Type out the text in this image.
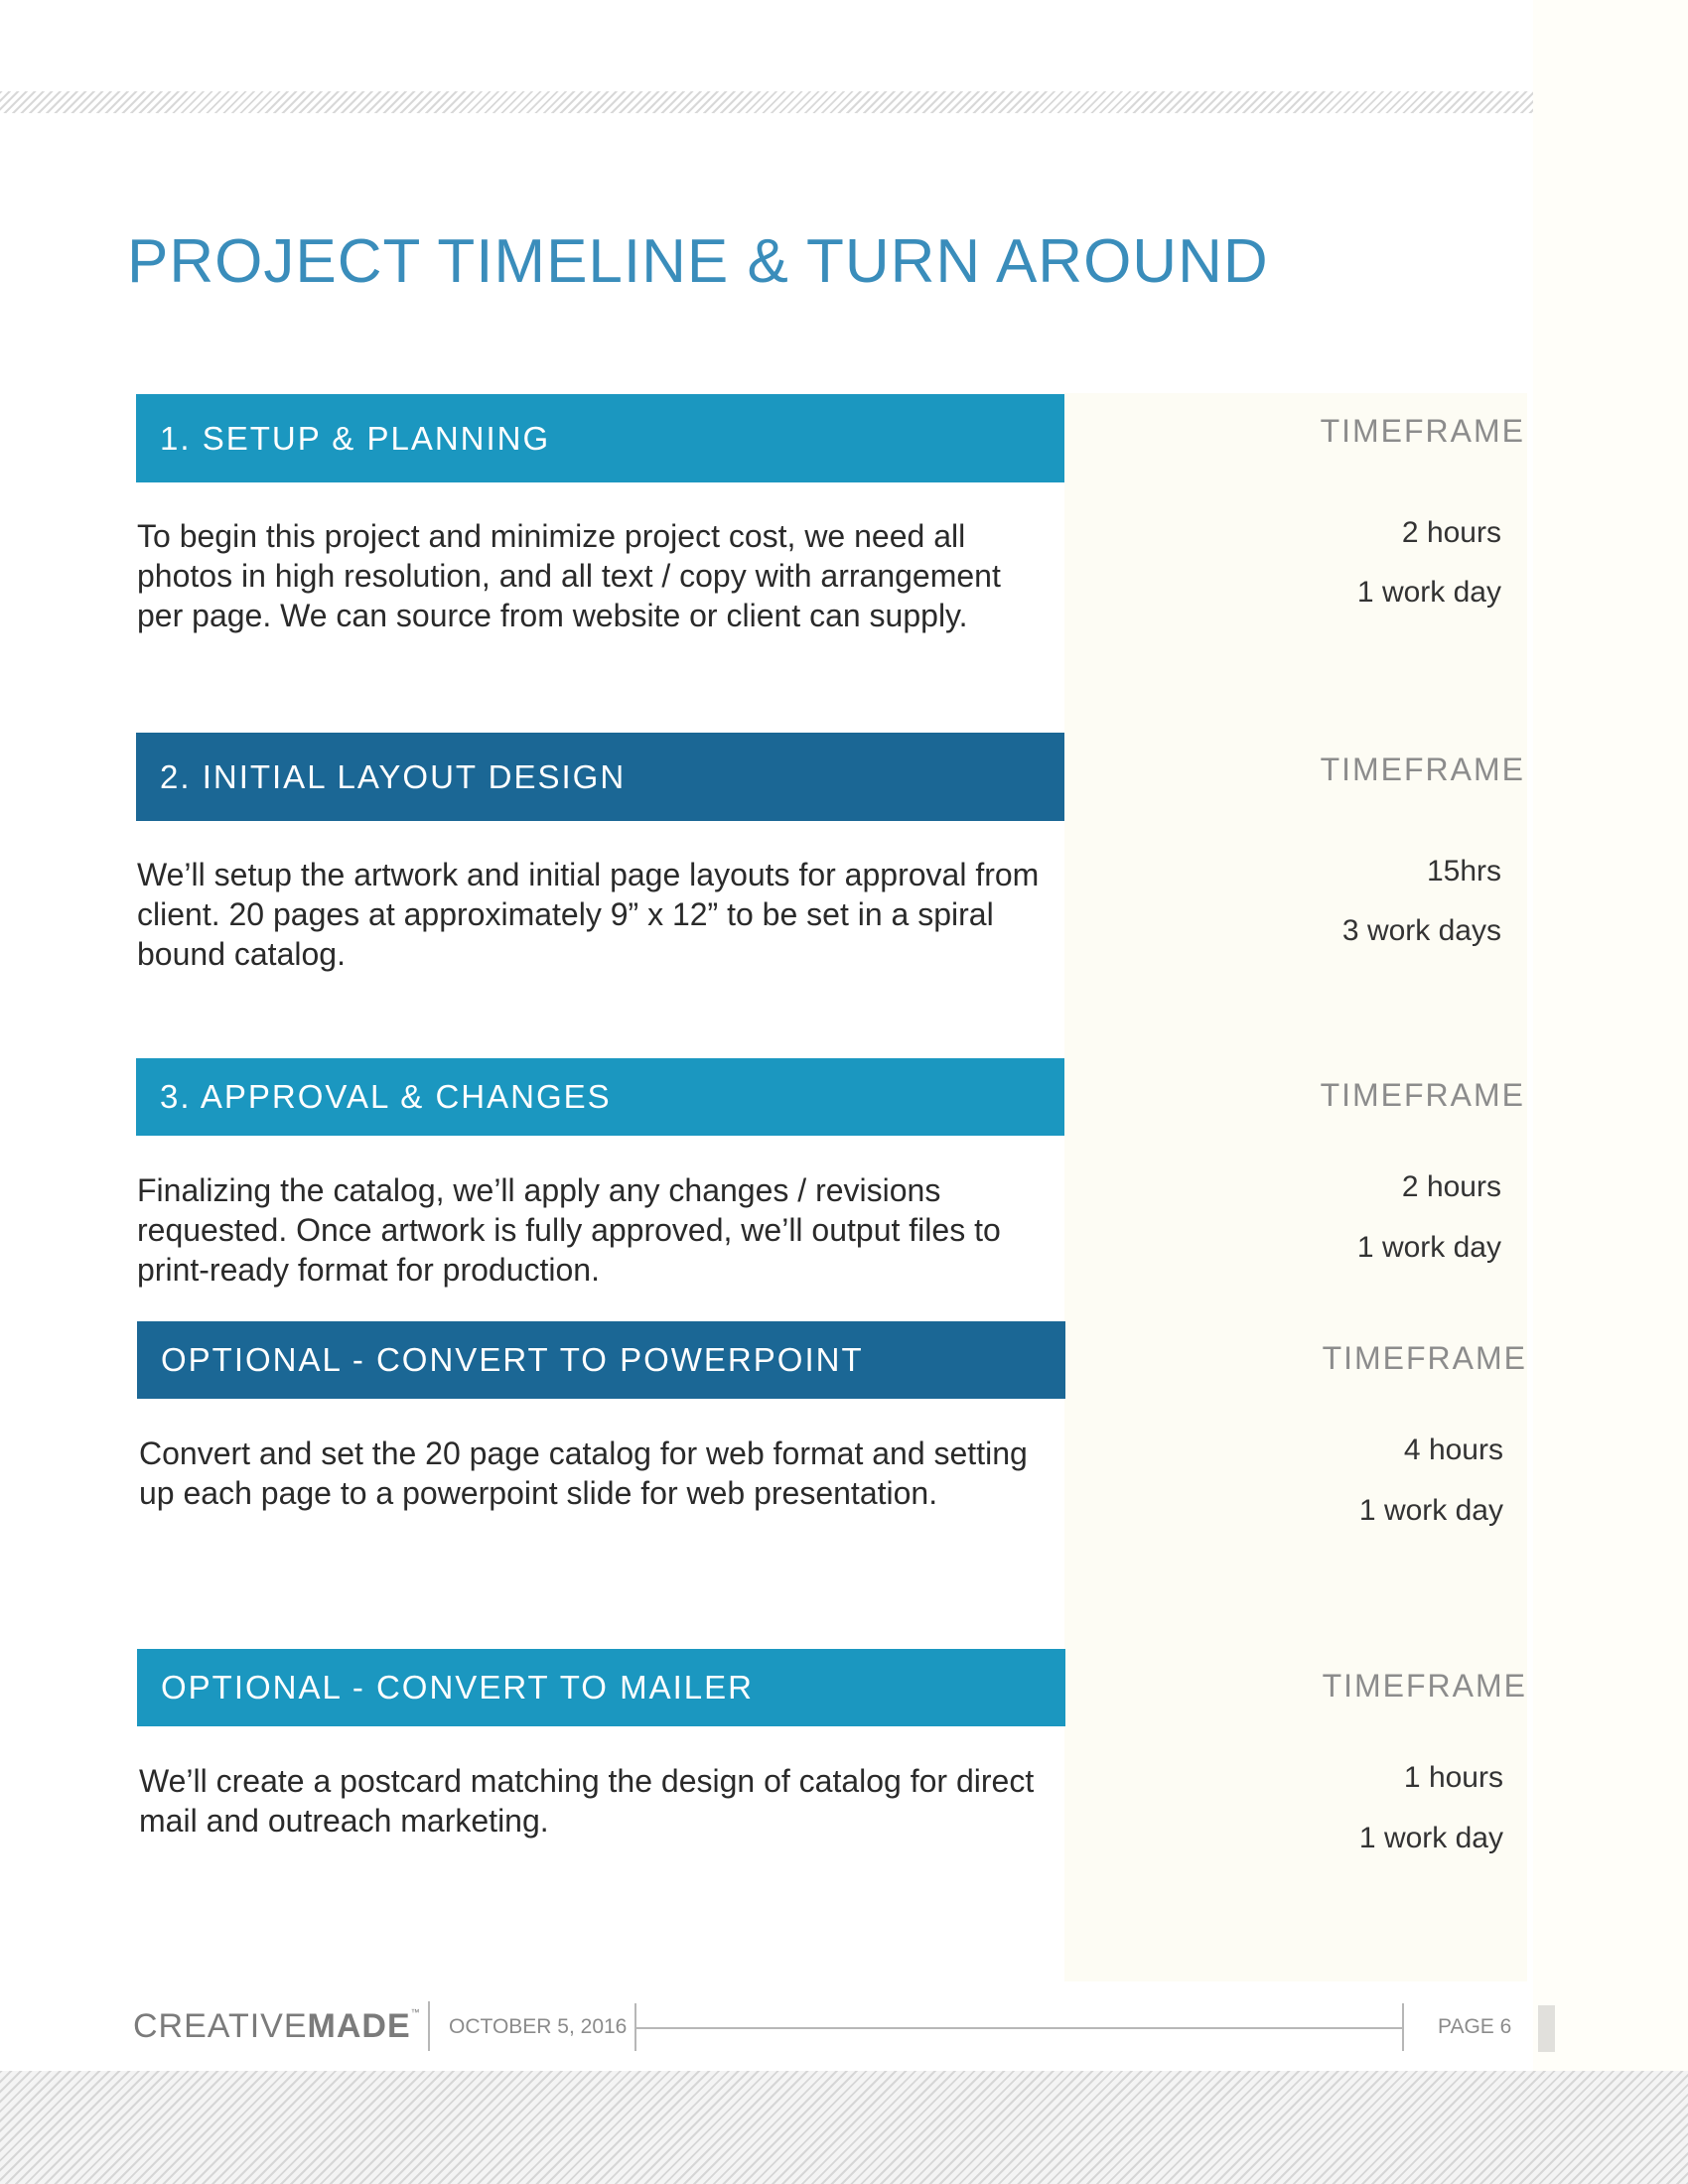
PROJECT TIMELINE & TURN AROUND
1. SETUP & PLANNING	TIMEFRAME

To begin this project and minimize project cost, we need all photos in high resolution, and all text / copy with arrangement per page. We can source from website or client can supply.

2 hours
1 work day
2. INITIAL LAYOUT DESIGN	TIMEFRAME

We’ll setup the artwork and initial page layouts for approval from client. 20 pages at approximately 9” x 12” to be set in a spiral bound catalog.

15hrs
3 work days
3. APPROVAL & CHANGES	TIMEFRAME

Finalizing the catalog, we’ll apply any changes / revisions requested. Once artwork is fully approved, we’ll output files to print-ready format for production.

2 hours
1 work day
OPTIONAL - CONVERT TO POWERPOINT	TIMEFRAME

Convert and set the 20 page catalog for web format and setting up each page to a powerpoint slide for web presentation.

4 hours
1 work day
OPTIONAL - CONVERT TO MAILER	TIMEFRAME

We’ll create a postcard matching the design of catalog for direct mail and outreach marketing.

1 hours
1 work day
CREATIVEMADE™
OCTOBER 5, 2016	PAGE 6
